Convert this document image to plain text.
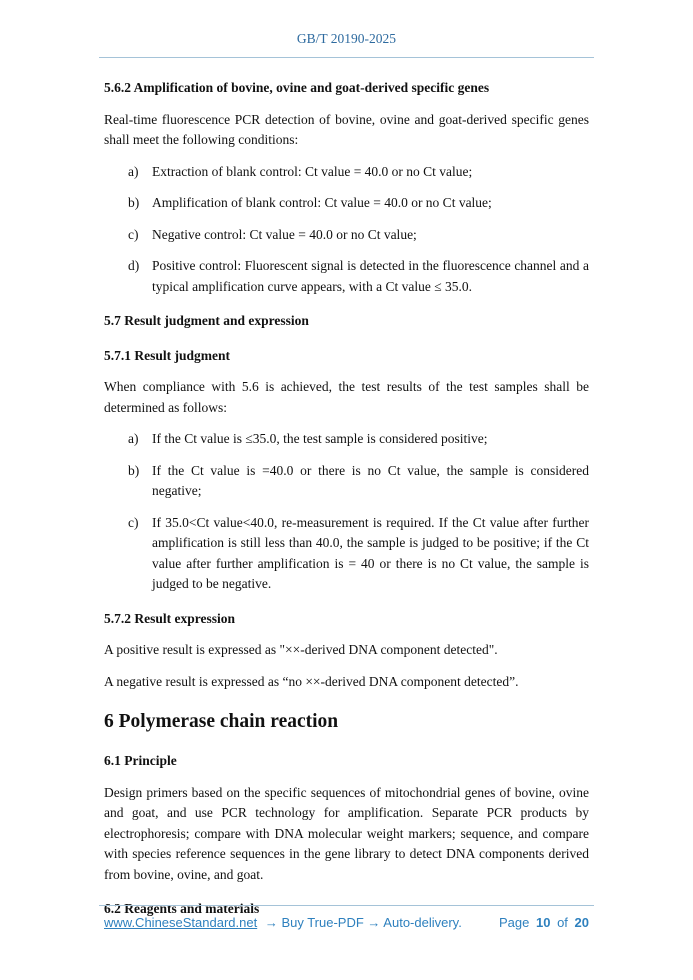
GB/T 20190-2025
5.6.2 Amplification of bovine, ovine and goat-derived specific genes

Real-time fluorescence PCR detection of bovine, ovine and goat-derived specific genes shall meet the following conditions:

a)	Extraction of blank control: Ct value = 40.0 or no Ct value;
b) Amplification of blank control: Ct value = 40.0 or no Ct value;
c)	Negative control: Ct value = 40.0 or no Ct value;
d) Positive control: Fluorescent signal is detected in the fluorescence channel and a typical amplification curve appears, with a Ct value ≤ 35.0.
5.7 Result judgment and expression
5.7.1 Result judgment

When compliance with 5.6 is achieved, the test results of the test samples shall be determined as follows:

a)	If the Ct value is ≤35.0, the test sample is considered positive;
b) If the Ct value is =40.0 or there is no Ct value, the sample is considered negative;
c)	If 35.0<Ct value<40.0, re-measurement is required. If the Ct value after further amplification is still less than 40.0, the sample is judged to be positive; if the Ct value after further amplification is = 40 or there is no Ct value, the sample is judged to be negative.
5.7.2 Result expression

A positive result is expressed as "××-derived DNA component detected".

A negative result is expressed as “no ××-derived DNA component detected”.

6 Polymerase chain reaction
6.1 Principle

Design primers based on the specific sequences of mitochondrial genes of bovine, ovine and goat, and use PCR technology for amplification. Separate PCR products by electrophoresis; compare with DNA molecular weight markers; sequence, and compare with species reference sequences in the gene library to detect DNA components derived from bovine, ovine, and goat.

6.2 Reagents and materials
www.ChineseStandard.net → Buy True-PDF → Auto-delivery.	Page 10 of 20
